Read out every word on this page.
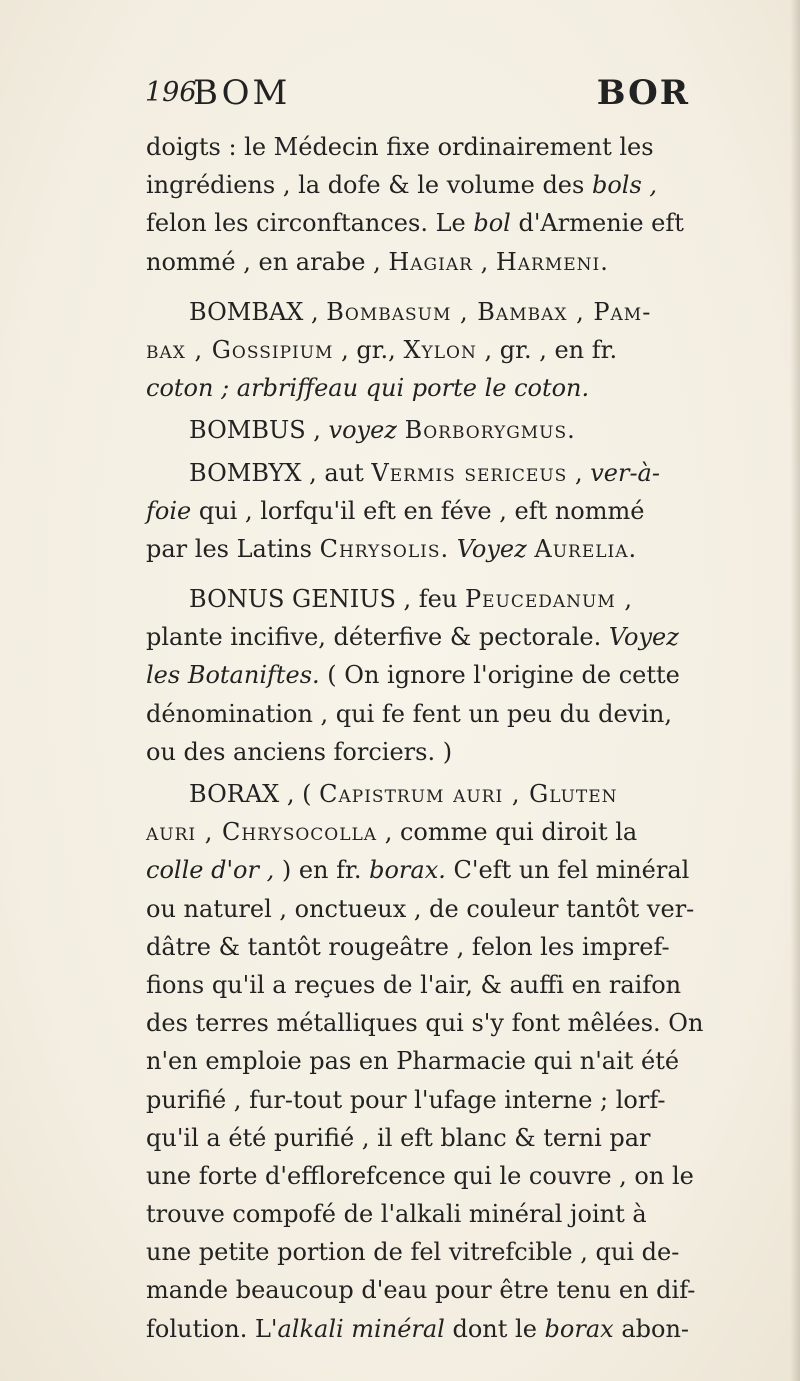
196
BOM	BOR
doigts : le Médecin fixe ordinairement les
ingrédiens , la dofe & le volume des bols ,
felon les circonftances. Le bol d'Armenie eft
nommé , en arabe , Hagiar , Harmeni.
BOMBAX , Bombasum , Bambax , Pam-
bax , Gossipium , gr., Xylon , gr. , en fr.
coton ; arbriffeau qui porte le coton.
BOMBUS , voyez Borborygmus.
BOMBYX , aut Vermis sericeus , ver-à-
foie qui , lorfqu'il eft en féve , eft nommé
par les Latins Chrysolis. Voyez Aurelia.
BONUS GENIUS , feu Peucedanum ,
plante incifive, déterfive & pectorale. Voyez
les Botaniftes. ( On ignore l'origine de cette
dénomination , qui fe fent un peu du devin,
ou des anciens forciers. )
BORAX , ( Capistrum auri , Gluten
auri , Chrysocolla , comme qui diroit la
colle d'or , ) en fr. borax. C'eft un fel minéral
ou naturel , onctueux , de couleur tantôt ver-
dâtre & tantôt rougeâtre , felon les impref-
fions qu'il a reçues de l'air, & auffi en raifon
des terres métalliques qui s'y font mêlées. On
n'en emploie pas en Pharmacie qui n'ait été
purifié , fur-tout pour l'ufage interne ; lorf-
qu'il a été purifié , il eft blanc & terni par
une forte d'efflorefcence qui le couvre , on le
trouve compofé de l'alkali minéral joint à
une petite portion de fel vitrefcible , qui de-
mande beaucoup d'eau pour être tenu en dif-
folution. L'alkali minéral dont le borax abon-
